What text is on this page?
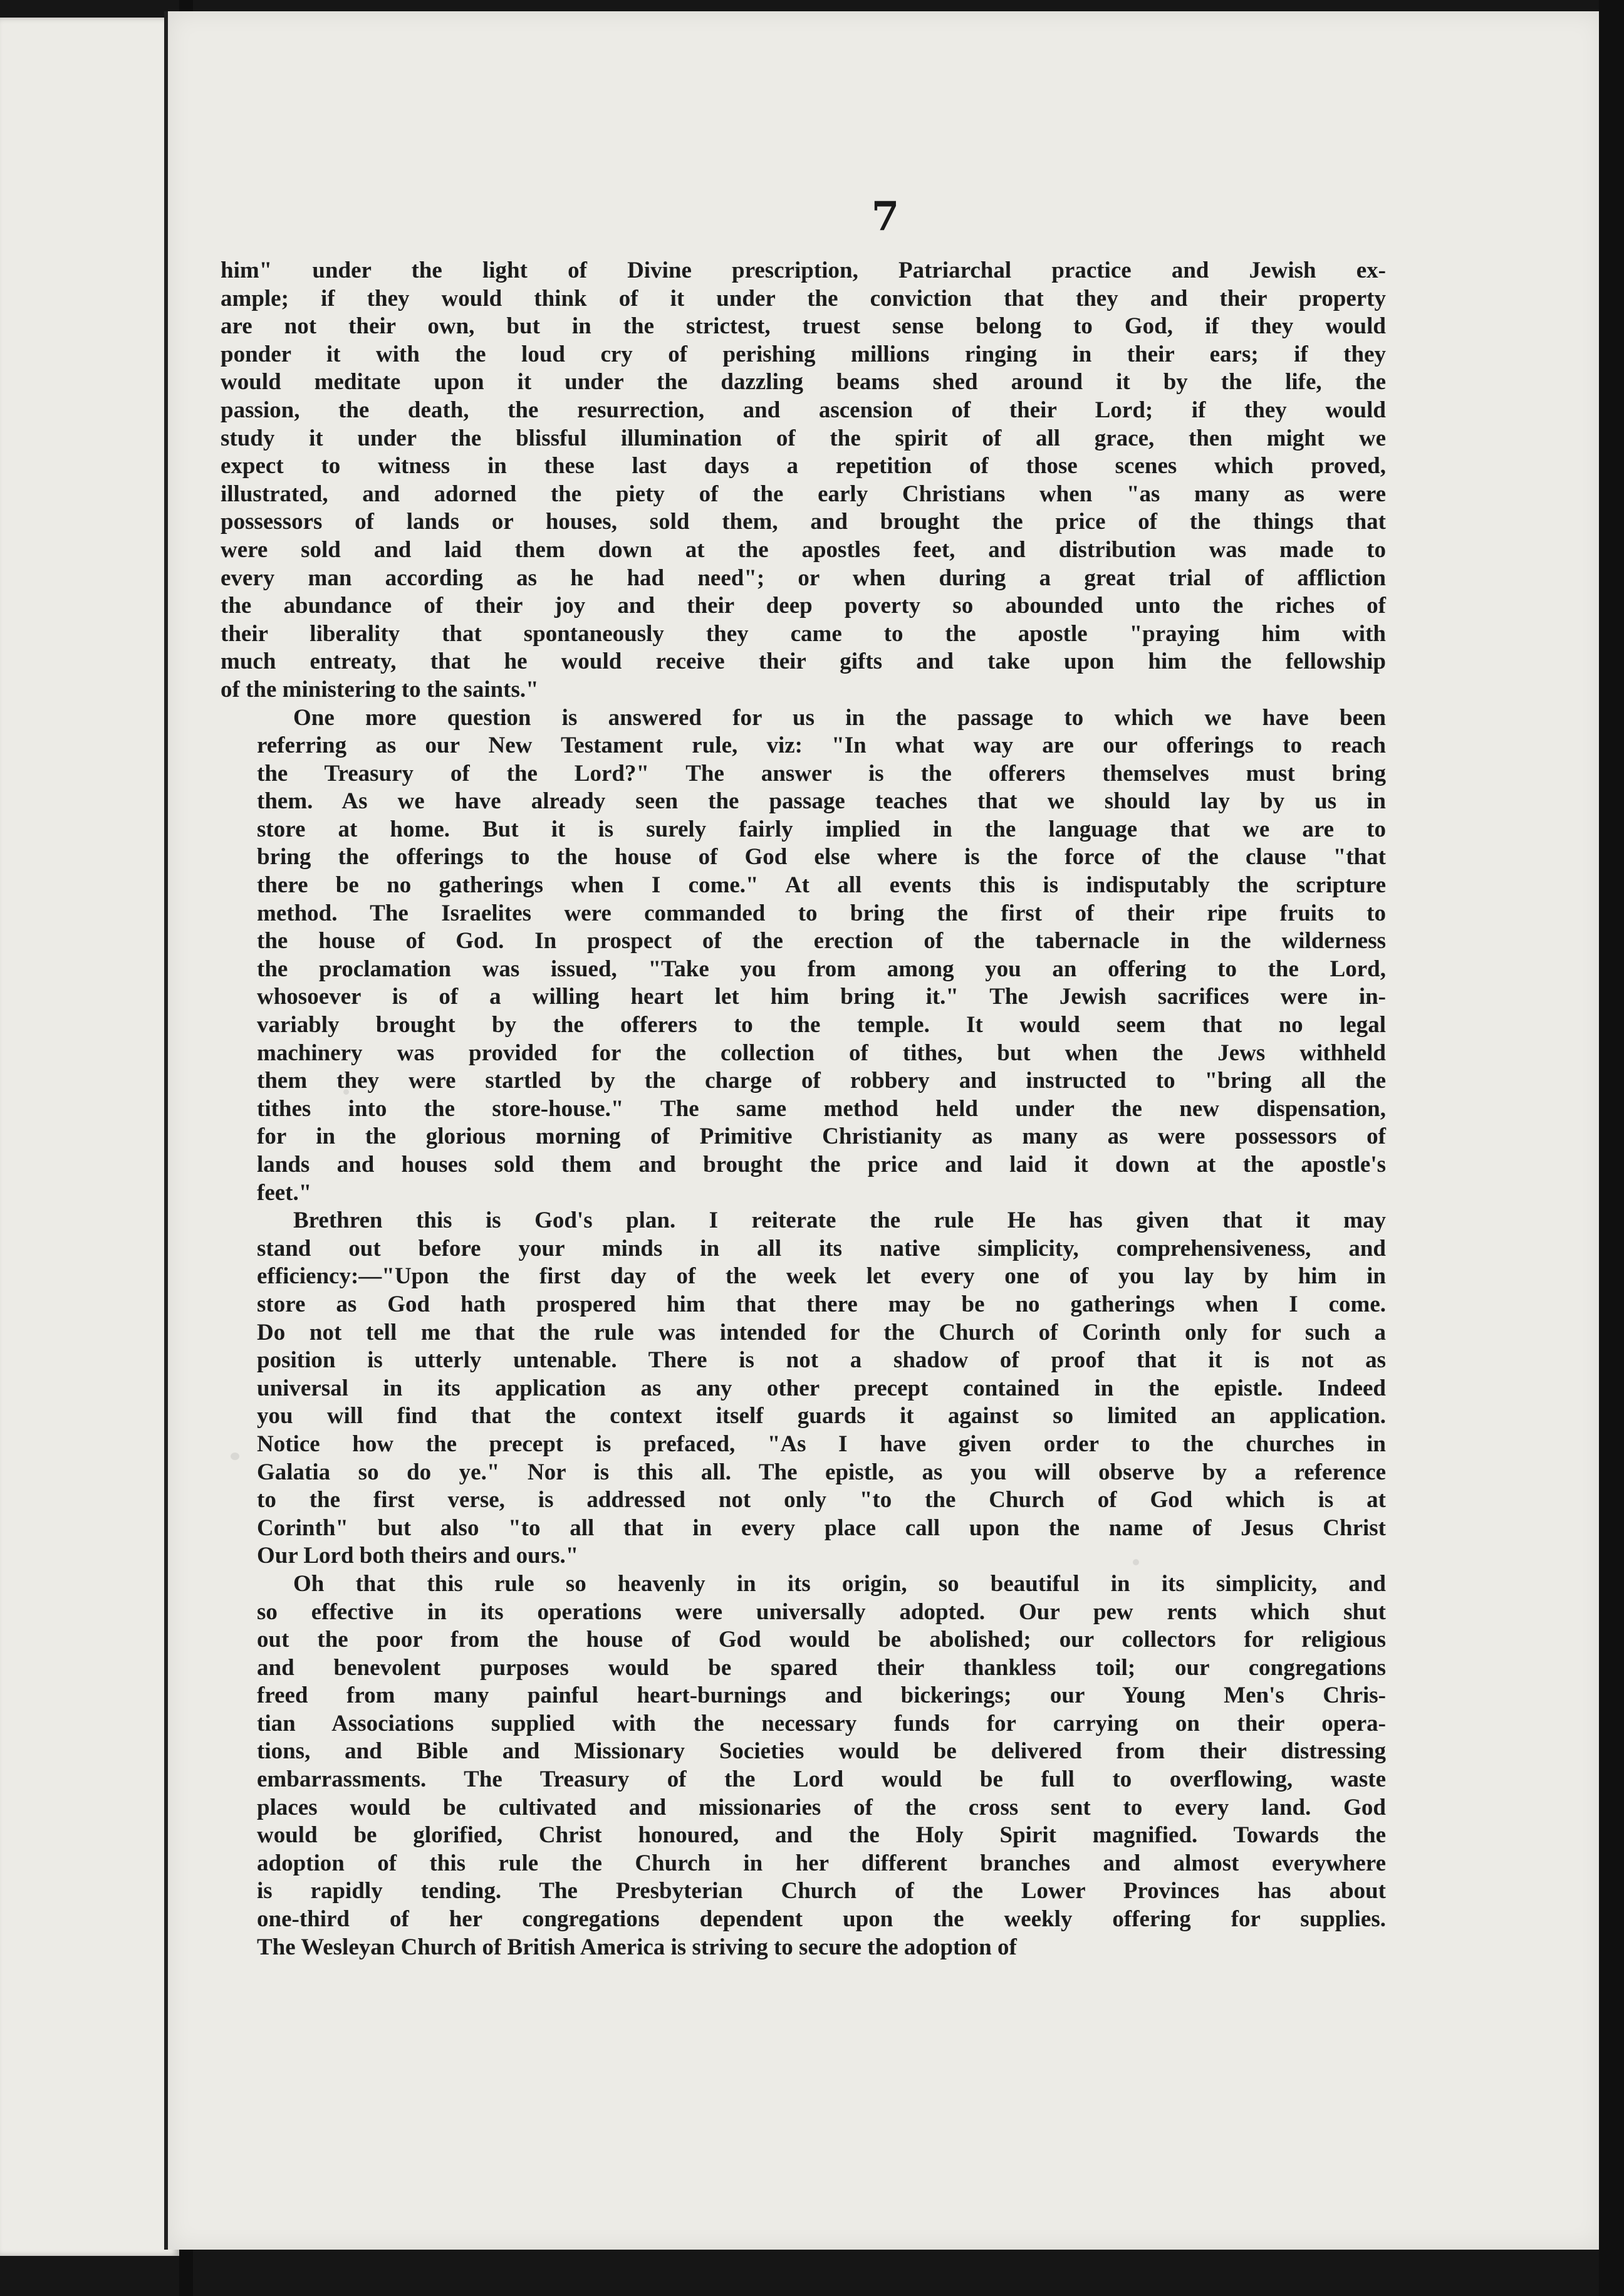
7

him" under the light of Divine prescription, Patriarchal practice and Jewish ex-
ample; if they would think of it under the conviction that they and their property
are not their own, but in the strictest, truest sense belong to God, if they would
ponder it with the loud cry of perishing millions ringing in their ears; if they
would meditate upon it under the dazzling beams shed around it by the life, the
passion, the death, the resurrection, and ascension of their Lord; if they would
study it under the blissful illumination of the spirit of all grace, then might we
expect to witness in these last days a repetition of those scenes which proved,
illustrated, and adorned the piety of the early Christians when "as many as were
possessors of lands or houses, sold them, and brought the price of the things that
were sold and laid them down at the apostles feet, and distribution was made to
every man according as he had need"; or when during a great trial of affliction
the abundance of their joy and their deep poverty so abounded unto the riches of
their liberality that spontaneously they came to the apostle "praying him with
much entreaty, that he would receive their gifts and take upon him the fellowship
of the ministering to the saints."

One more question is answered for us in the passage to which we have been
referring as our New Testament rule, viz: "In what way are our offerings to reach
the Treasury of the Lord?" The answer is the offerers themselves must bring
them. As we have already seen the passage teaches that we should lay by us in
store at home. But it is surely fairly implied in the language that we are to
bring the offerings to the house of God else where is the force of the clause "that
there be no gatherings when I come." At all events this is indisputably the scripture
method. The Israelites were commanded to bring the first of their ripe fruits to
the house of God. In prospect of the erection of the tabernacle in the wilderness
the proclamation was issued, "Take you from among you an offering to the Lord,
whosoever is of a willing heart let him bring it." The Jewish sacrifices were in-
variably brought by the offerers to the temple. It would seem that no legal
machinery was provided for the collection of tithes, but when the Jews withheld
them they were startled by the charge of robbery and instructed to "bring all the
tithes into the store-house." The same method held under the new dispensation,
for in the glorious morning of Primitive Christianity as many as were possessors of
lands and houses sold them and brought the price and laid it down at the apostle's
feet."

Brethren this is God's plan. I reiterate the rule He has given that it may
stand out before your minds in all its native simplicity, comprehensiveness, and
efficiency:—"Upon the first day of the week let every one of you lay by him in
store as God hath prospered him that there may be no gatherings when I come.
Do not tell me that the rule was intended for the Church of Corinth only for such a
position is utterly untenable. There is not a shadow of proof that it is not as
universal in its application as any other precept contained in the epistle. Indeed
you will find that the context itself guards it against so limited an application.
Notice how the precept is prefaced, "As I have given order to the churches in
Galatia so do ye." Nor is this all. The epistle, as you will observe by a reference
to the first verse, is addressed not only "to the Church of God which is at
Corinth" but also "to all that in every place call upon the name of Jesus Christ
Our Lord both theirs and ours."

Oh that this rule so heavenly in its origin, so beautiful in its simplicity, and
so effective in its operations were universally adopted. Our pew rents which shut
out the poor from the house of God would be abolished; our collectors for religious
and benevolent purposes would be spared their thankless toil; our congregations
freed from many painful heart-burnings and bickerings; our Young Men's Chris-
tian Associations supplied with the necessary funds for carrying on their opera-
tions, and Bible and Missionary Societies would be delivered from their distressing
embarrassments. The Treasury of the Lord would be full to overflowing, waste
places would be cultivated and missionaries of the cross sent to every land. God
would be glorified, Christ honoured, and the Holy Spirit magnified. Towards the
adoption of this rule the Church in her different branches and almost everywhere
is rapidly tending. The Presbyterian Church of the Lower Provinces has about
one-third of her congregations dependent upon the weekly offering for supplies.
The Wesleyan Church of British America is striving to secure the adoption of
